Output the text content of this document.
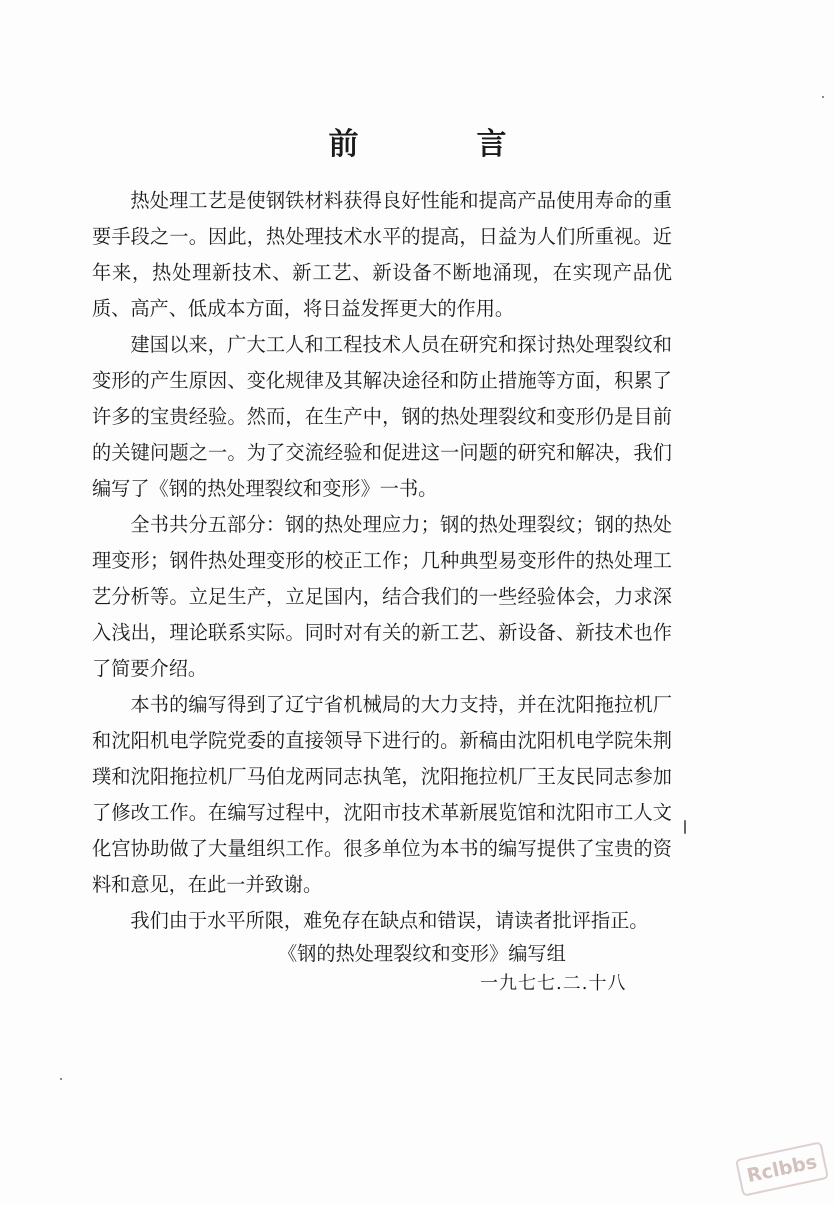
前　言

热处理工艺是使钢铁材料获得良好性能和提高产品使用寿命的重要手段之一。因此，热处理技术水平的提高，日益为人们所重视。近年来，热处理新技术、新工艺、新设备不断地涌现，在实现产品优质、高产、低成本方面，将日益发挥更大的作用。

建国以来，广大工人和工程技术人员在研究和探讨热处理裂纹和变形的产生原因、变化规律及其解决途径和防止措施等方面，积累了许多的宝贵经验。然而，在生产中，钢的热处理裂纹和变形仍是目前的关键问题之一。为了交流经验和促进这一问题的研究和解决，我们编写了《钢的热处理裂纹和变形》一书。

全书共分五部分：钢的热处理应力；钢的热处理裂纹；钢的热处理变形；钢件热处理变形的校正工作；几种典型易变形件的热处理工艺分析等。立足生产，立足国内，结合我们的一些经验体会，力求深入浅出，理论联系实际。同时对有关的新工艺、新设备、新技术也作了简要介绍。

本书的编写得到了辽宁省机械局的大力支持，并在沈阳拖拉机厂和沈阳机电学院党委的直接领导下进行的。新稿由沈阳机电学院朱荆璞和沈阳拖拉机厂马伯龙两同志执笔，沈阳拖拉机厂王友民同志参加了修改工作。在编写过程中，沈阳市技术革新展览馆和沈阳市工人文化宫协助做了大量组织工作。很多单位为本书的编写提供了宝贵的资料和意见，在此一并致谢。

我们由于水平所限，难免存在缺点和错误，请读者批评指正。

《钢的热处理裂纹和变形》编写组
一九七七.二.十八
Rclbbs
